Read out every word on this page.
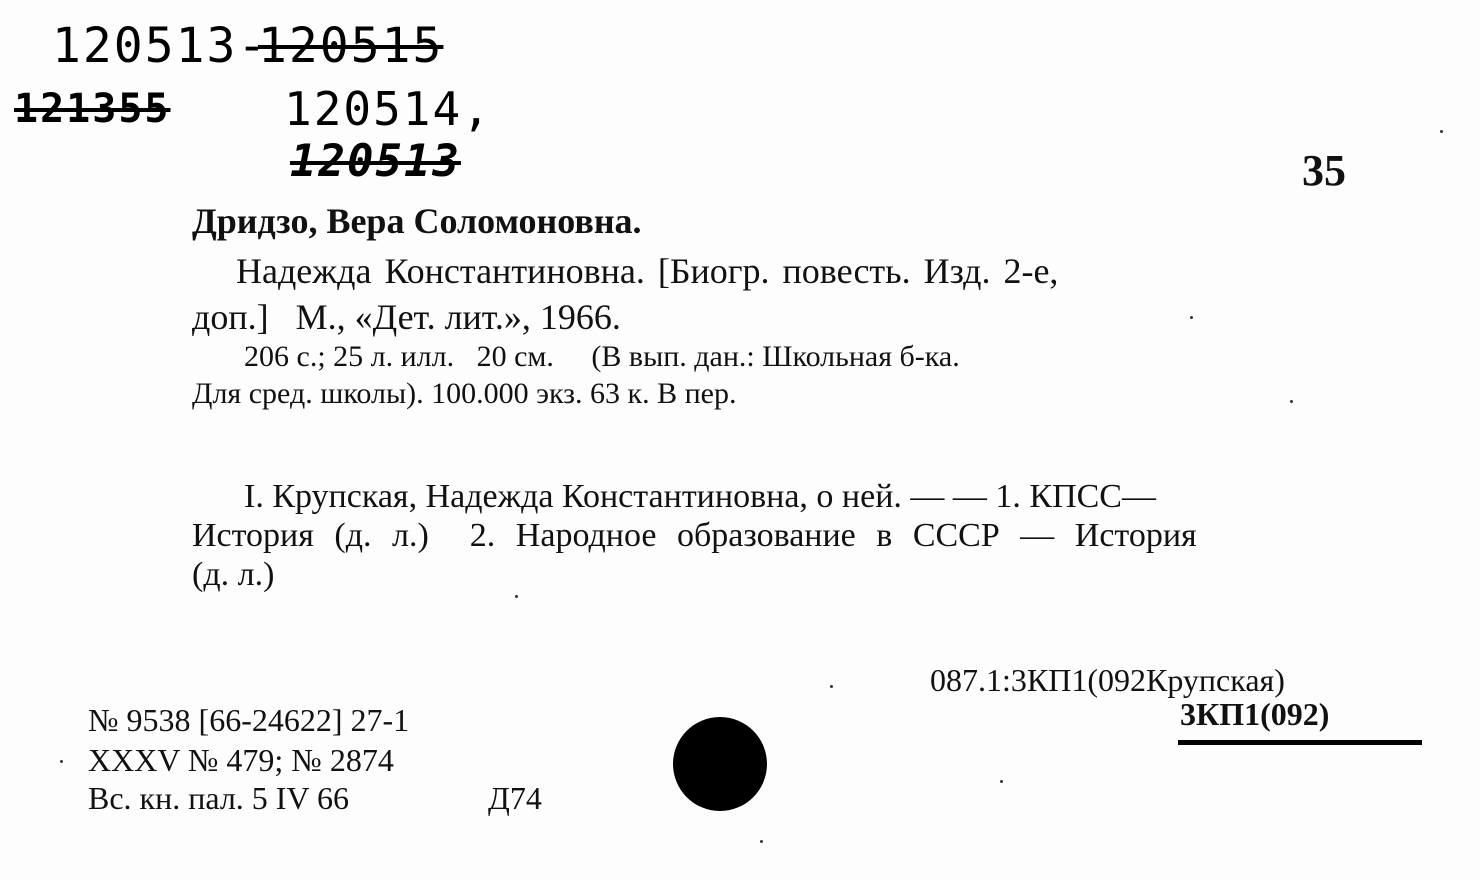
120513-
120515
121355 120514,
120513	35
Дридзо, Вера Соломоновна.
Надежда Константиновна. [Биогр. повесть. Изд. 2-е,
доп.]   М., «Дет. лит.», 1966.
206 с.; 25 л. илл.   20 см.     (В вып. дан.: Школьная б-ка.
Для сред. школы). 100.000 экз. 63 к. В пер.
I. Крупская, Надежда Константиновна, о ней. — — 1. КПСС—
История (д. л.)  2. Народное образование в СССР — История
(д. л.)
087.1:3КП1(092Крупская)
3КП1(092)
№ 9538 [66-24622] 27-1
XXXV № 479; № 2874
Вс. кн. пал. 5 IV 66	Д74
